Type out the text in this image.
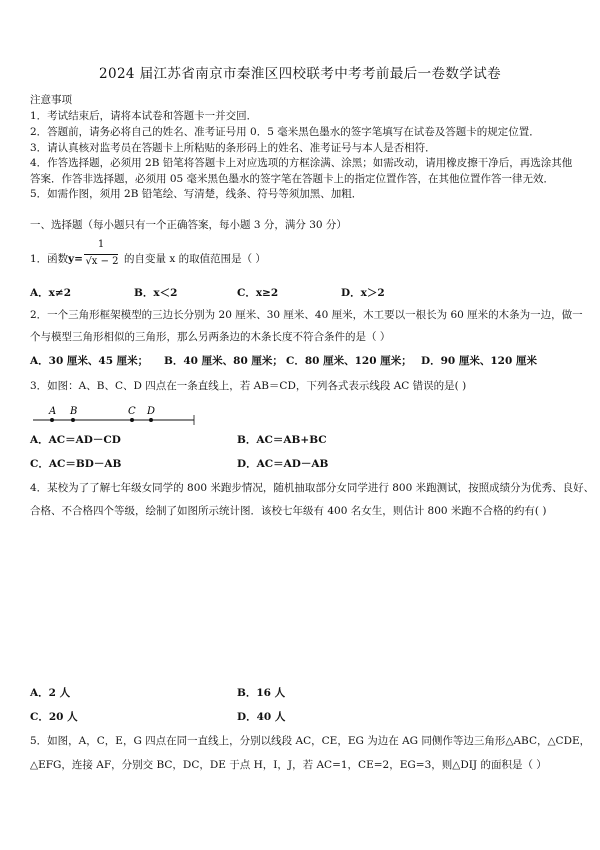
2024 届江苏省南京市秦淮区四校联考中考考前最后一卷数学试卷
注意事项
1．考试结束后，请将本试卷和答题卡一并交回．
2．答题前，请务必将自己的姓名、准考证号用 0．5 毫米黑色墨水的签字笔填写在试卷及答题卡的规定位置．
3．请认真核对监考员在答题卡上所粘贴的条形码上的姓名、准考证号与本人是否相符．
4．作答选择题，必须用 2B 铅笔将答题卡上对应选项的方框涂满、涂黑；如需改动，请用橡皮擦干净后，再选涂其他
答案．作答非选择题，必须用 05 毫米黑色墨水的签字笔在答题卡上的指定位置作答，在其他位置作答一律无效．
5．如需作图，须用 2B 铅笔绘、写清楚，线条、符号等须加黑、加粗．
一、选择题（每小题只有一个正确答案，每小题 3 分，满分 30 分）
1．函数 y=
1
√x − 2 的自变量 x 的取值范围是（ ）
A．x≠2	B．x＜2	C．x≥2	D．x＞2
2．一个三角形框架模型的三边长分别为 20 厘米、30 厘米、40 厘米，木工要以一根长为 60 厘米的木条为一边，做一
个与模型三角形相似的三角形，那么另两条边的木条长度不符合条件的是（ ）
A．30 厘米、45 厘米； B．40 厘米、80 厘米； C．80 厘米、120 厘米； D．90 厘米、120 厘米
3．如图：A、B、C、D 四点在一条直线上，若 AB＝CD，下列各式表示线段 AC 错误的是( )
A B	C D
A．AC＝AD－CD	B．AC＝AB+BC
C．AC＝BD－AB	D．AC＝AD－AB
4．某校为了了解七年级女同学的 800 米跑步情况，随机抽取部分女同学进行 800 米跑测试，按照成绩分为优秀、良好、
合格、不合格四个等级，绘制了如图所示统计图．该校七年级有 400 名女生，则估计 800 米跑不合格的约有( )
A．2 人	B．16 人
C．20 人	D．40 人
5．如图，A，C，E，G 四点在同一直线上，分别以线段 AC，CE，EG 为边在 AG 同侧作等边三角形△ABC，△CDE，
△EFG，连接 AF，分别交 BC，DC，DE 于点 H，I，J，若 AC=1，CE=2，EG=3，则△DIJ 的面积是（ ）
